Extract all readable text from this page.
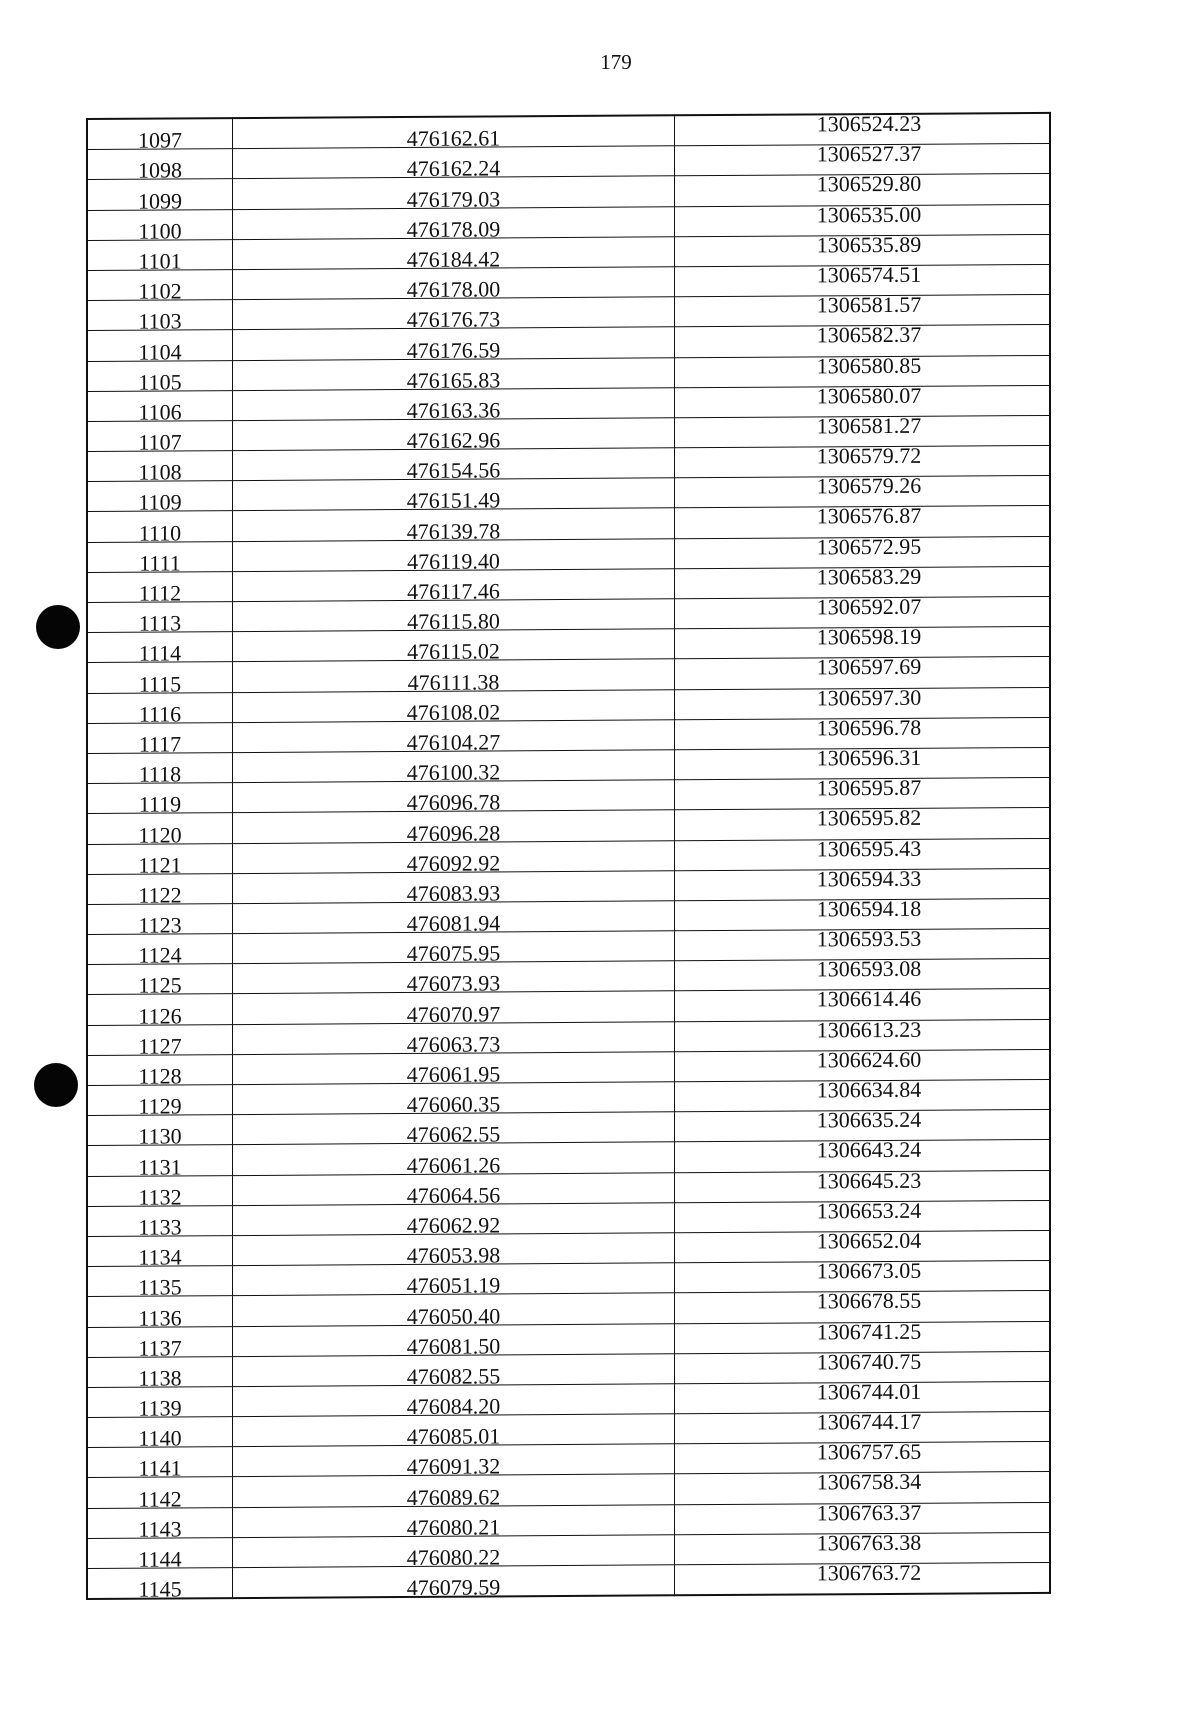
179
1097	476162.61	1306524.23
1098	476162.24	1306527.37
1099	476179.03	1306529.80
1100	476178.09	1306535.00
1101	476184.42	1306535.89
1102	476178.00	1306574.51
1103	476176.73	1306581.57
1104	476176.59	1306582.37
1105	476165.83	1306580.85
1106	476163.36	1306580.07
1107	476162.96	1306581.27
1108	476154.56	1306579.72
1109	476151.49	1306579.26
1110	476139.78	1306576.87
1111	476119.40	1306572.95
1112	476117.46	1306583.29
1113	476115.80	1306592.07
1114	476115.02	1306598.19
1115	476111.38	1306597.69
1116	476108.02	1306597.30
1117	476104.27	1306596.78
1118	476100.32	1306596.31
1119	476096.78	1306595.87
1120	476096.28	1306595.82
1121	476092.92	1306595.43
1122	476083.93	1306594.33
1123	476081.94	1306594.18
1124	476075.95	1306593.53
1125	476073.93	1306593.08
1126	476070.97	1306614.46
1127	476063.73	1306613.23
1128	476061.95	1306624.60
1129	476060.35	1306634.84
1130	476062.55	1306635.24
1131	476061.26	1306643.24
1132	476064.56	1306645.23
1133	476062.92	1306653.24
1134	476053.98	1306652.04
1135	476051.19	1306673.05
1136	476050.40	1306678.55
1137	476081.50	1306741.25
1138	476082.55	1306740.75
1139	476084.20	1306744.01
1140	476085.01	1306744.17
1141	476091.32	1306757.65
1142	476089.62	1306758.34
1143	476080.21	1306763.37
1144	476080.22	1306763.38
1145	476079.59	1306763.72
